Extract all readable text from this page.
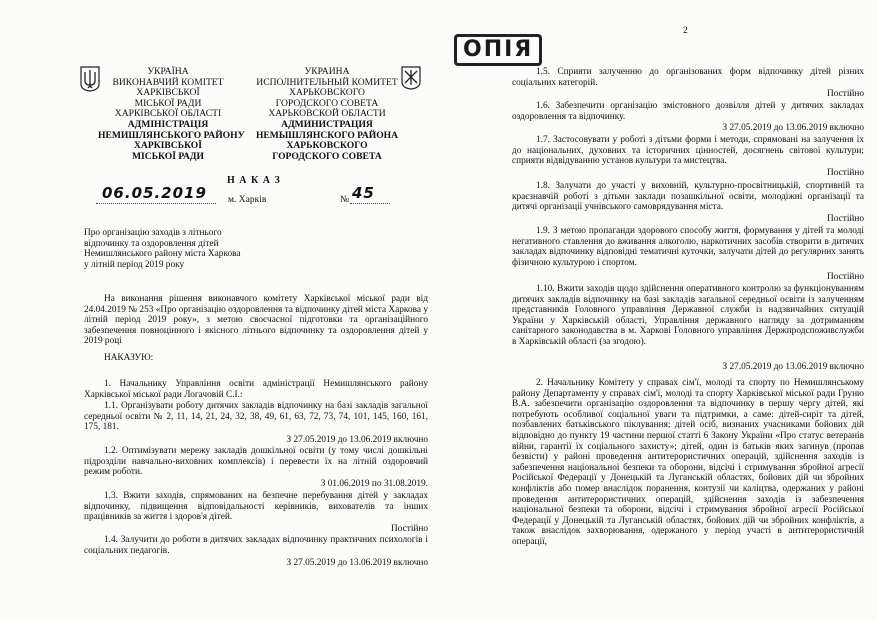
УКРАЇНА
ВИКОНАВЧИЙ КОМІТЕТ
ХАРКІВСЬКОЇ
МІСЬКОЇ РАДИ
ХАРКІВСЬКОЇ ОБЛАСТІ
АДМІНІСТРАЦІЯ
НЕМИШЛЯНСЬКОГО РАЙОНУ
ХАРКІВСЬКОЇ
МІСЬКОЇ РАДИ
УКРАИНА
ИСПОЛНИТЕЛЬНЫЙ КОМИТЕТ
ХАРЬКОВСКОГО
ГОРОДСКОГО СОВЕТА
ХАРЬКОВСКОЙ ОБЛАСТИ
АДМИНИСТРАЦИЯ
НЕМЫШЛЯНСКОГО РАЙОНА
ХАРЬКОВСКОГО
ГОРОДСКОГО СОВЕТА
Н А К А З
06.05.2019 м. Харків	№ 45
Про організацію заходів з літнього
відпочинку та оздоровлення дітей
Немишлянського району міста Харкова
у літній період 2019 року
На виконання рішення виконавчого комітету Харківської міської ради від 24.04.2019 № 253 «Про організацію оздоровлення та відпочинку дітей міста Харкова у літній період 2019 року», з метою своєчасної підготовки та організаційного забезпечення повноцінного і якісного літнього відпочинку та оздоровлення дітей у 2019 році
НАКАЗУЮ:
1. Начальнику Управління освіти адміністрації Немишлянського району Харківської міської ради Логачовій С.І.:
1.1. Організувати роботу дитячих закладів відпочинку на базі закладів загальної середньої освіти № 2, 11, 14, 21, 24, 32, 38, 49, 61, 63, 72, 73, 74, 101, 145, 160, 161, 175, 181.
З 27.05.2019 до 13.06.2019 включно
1.2. Оптимізувати мережу закладів дошкільної освіти (у тому числі дошкільні підрозділи навчально-виховних комплексів) і перевести їх на літній оздоровчий режим роботи.
З 01.06.2019 по 31.08.2019.
1.3. Вжити заходів, спрямованих на безпечне перебування дітей у закладах відпочинку, підвищення відповідальності керівників, вихователів та інших працівників за життя і здоров'я дітей.
Постійно
1.4. Залучити до роботи в дитячих закладах відпочинку практичних психологів і соціальних педагогів.
З 27.05.2019 до 13.06.2019 включно
ОПІЯ
2
1.5. Сприяти залученню до організованих форм відпочинку дітей різних соціальних категорій.
Постійно
1.6. Забезпечити організацію змістовного дозвілля дітей у дитячих закладах оздоровлення та відпочинку.
З 27.05.2019 до 13.06.2019 включно
1.7. Застосовувати у роботі з дітьми форми і методи, спрямовані на залучення їх до національних, духовних та історичних цінностей, досягнень світової культури; сприяти відвідуванню установ культури та мистецтва.
Постійно
1.8. Залучати до участі у виховній, культурно-просвітницькій, спортивній та краєзнавчій роботі з дітьми заклади позашкільної освіти, молодіжні організації та дитячі організації учнівського самоврядування міста.
Постійно
1.9. З метою пропаганди здорового способу життя, формування у дітей та молоді негативного ставлення до вживання алкоголю, наркотичних засобів створити в дитячих закладах відпочинку відповідні тематичні куточки, залучати дітей до регулярних занять фізичною культурою і спортом.
Постійно
1.10. Вжити заходів щодо здійснення оперативного контролю за функціонуванням дитячих закладів відпочинку на базі закладів загальної середньої освіти із залученням представників Головного управління Державної служби із надзвичайних ситуацій України у Харківській області, Управління державного нагляду за дотриманням санітарного законодавства в м. Харкові Головного управління Держпродспоживслужби в Харківській області (за згодою).
З 27.05.2019 до 13.06.2019 включно
2. Начальнику Комітету у справах сім'ї, молоді та спорту по Немишлянському району Департаменту у справах сім'ї, молоді та спорту Харківської міської ради Груню В.А. забезпечити організацію оздоровлення та відпочинку в першу чергу дітей, які потребують особливої соціальної уваги та підтримки, а саме: дітей-сиріт та дітей, позбавлених батьківського піклування; дітей осіб, визнаних учасниками бойових дій відповідно до пункту 19 частини першої статті 6 Закону України «Про статус ветеранів війни, гарантії їх соціального захисту»; дітей, один із батьків яких загинув (пропав безвісти) у районі проведення антитерористичних операцій, здійснення заходів із забезпечення національної безпеки та оборони, відсічі і стримування збройної агресії Російської Федерації у Донецькій та Луганській областях, бойових дій чи збройних конфліктів або помер внаслідок поранення, контузії чи каліцтва, одержаних у районі проведення антитерористичних операцій, здійснення заходів із забезпечення національної безпеки та оборони, відсічі і стримування збройної агресії Російської Федерації у Донецькій та Луганській областях, бойових дій чи збройних конфліктів, а також внаслідок захворювання, одержаного у період участі в антитерористичній операції,
